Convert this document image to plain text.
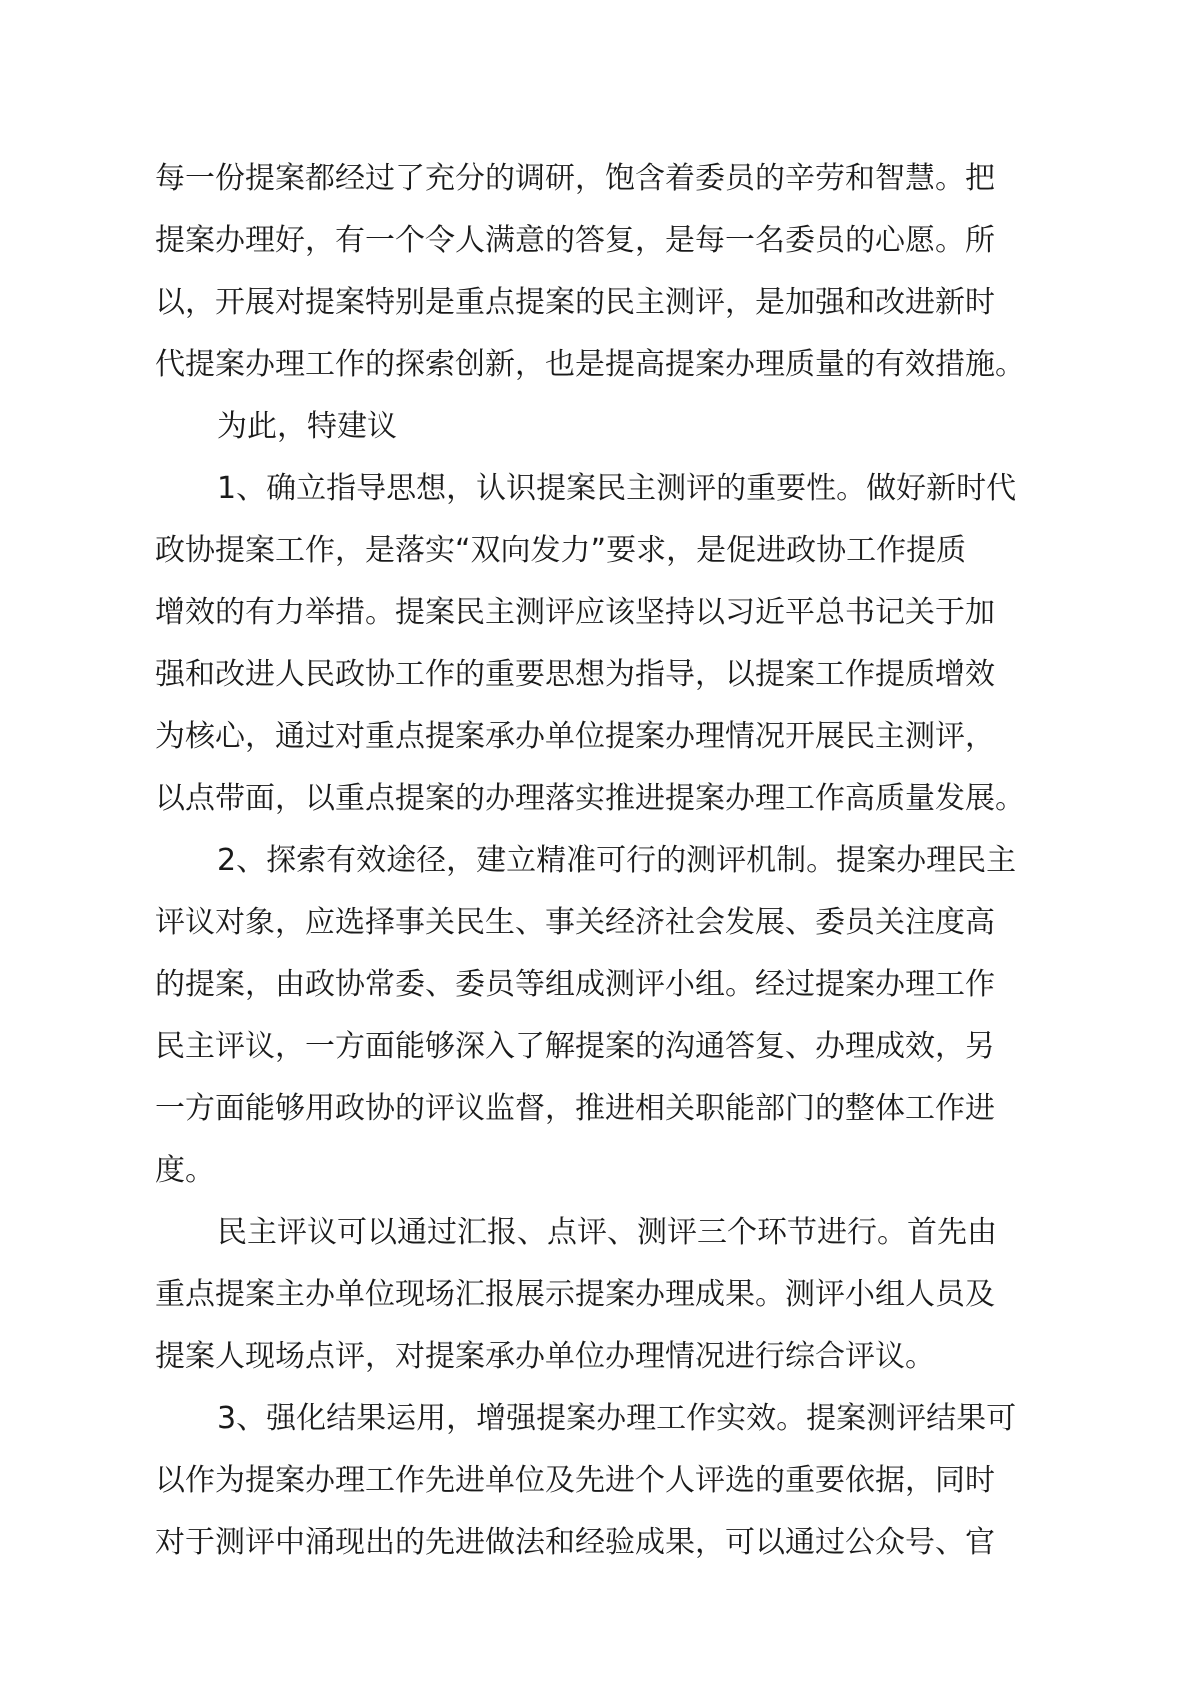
每一份提案都经过了充分的调研，饱含着委员的辛劳和智慧。把
提案办理好，有一个令人满意的答复，是每一名委员的心愿。所
以，开展对提案特别是重点提案的民主测评，是加强和改进新时
代提案办理工作的探索创新，也是提高提案办理质量的有效措施。
为此，特建议
1、确立指导思想，认识提案民主测评的重要性。做好新时代
政协提案工作，是落实“双向发力”要求，是促进政协工作提质
增效的有力举措。提案民主测评应该坚持以习近平总书记关于加
强和改进人民政协工作的重要思想为指导，以提案工作提质增效
为核心，通过对重点提案承办单位提案办理情况开展民主测评，
以点带面，以重点提案的办理落实推进提案办理工作高质量发展。
2、探索有效途径，建立精准可行的测评机制。提案办理民主
评议对象，应选择事关民生、事关经济社会发展、委员关注度高
的提案，由政协常委、委员等组成测评小组。经过提案办理工作
民主评议，一方面能够深入了解提案的沟通答复、办理成效，另
一方面能够用政协的评议监督，推进相关职能部门的整体工作进
度。
民主评议可以通过汇报、点评、测评三个环节进行。首先由
重点提案主办单位现场汇报展示提案办理成果。测评小组人员及
提案人现场点评，对提案承办单位办理情况进行综合评议。
3、强化结果运用，增强提案办理工作实效。提案测评结果可
以作为提案办理工作先进单位及先进个人评选的重要依据，同时
对于测评中涌现出的先进做法和经验成果，可以通过公众号、官
